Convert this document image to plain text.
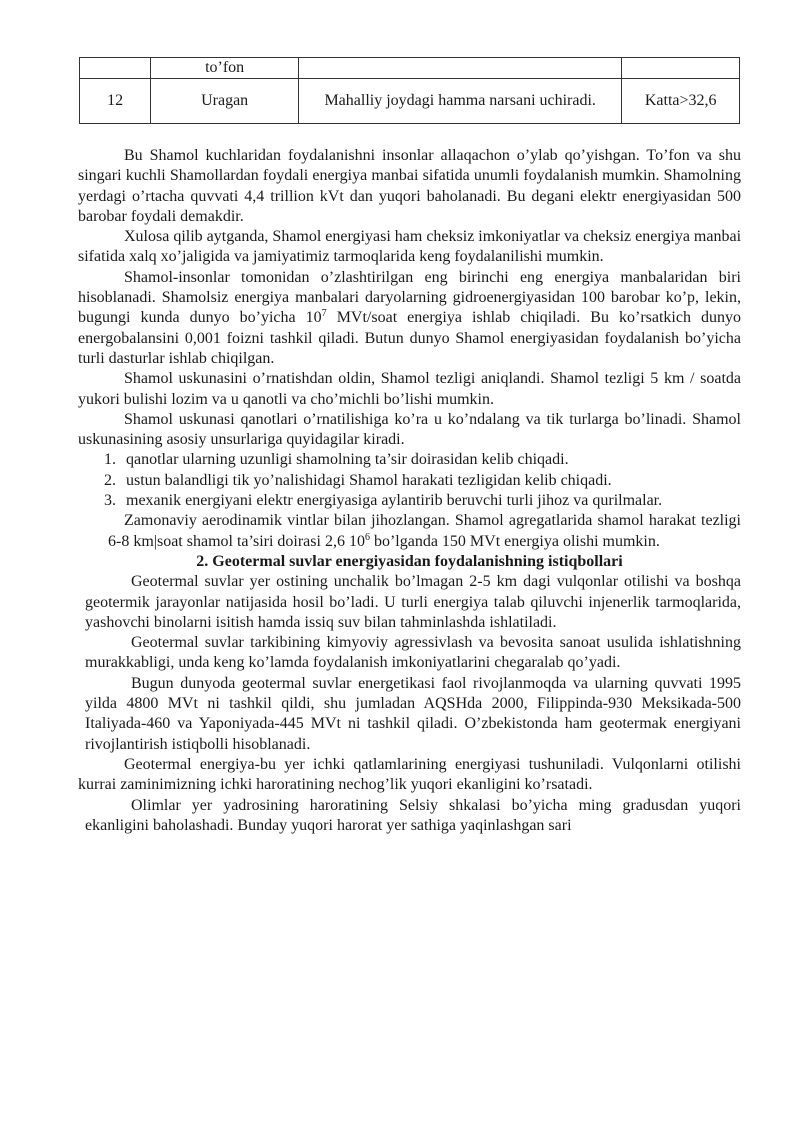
	to’fon		
12	Uragan	Mahalliy joydagi hamma narsani uchiradi.	Katta>32,6

Bu Shamol kuchlaridan foydalanishni insonlar allaqachon o’ylab qo’yishgan. To’fon va shu singari kuchli Shamollardan foydali energiya manbai sifatida unumli foydalanish mumkin. Shamolning yerdagi o’rtacha quvvati 4,4 trillion kVt dan yuqori baholanadi. Bu degani elektr energiyasidan 500 barobar foydali demakdir.

Xulosa qilib aytganda, Shamol energiyasi ham cheksiz imkoniyatlar va cheksiz energiya manbai sifatida xalq xo’jaligida va jamiyatimiz tarmoqlarida keng foydalanilishi mumkin.

Shamol-insonlar tomonidan o’zlashtirilgan eng birinchi eng energiya manbalaridan biri hisoblanadi. Shamolsiz energiya manbalari daryolarning gidroenergiyasidan 100 barobar ko’p, lekin, bugungi kunda dunyo bo’yicha $10^7$ MVt/soat energiya ishlab chiqiladi. Bu ko’rsatkich dunyo energobalansini 0,001 foizni tashkil qiladi. Butun dunyo Shamol energiyasidan foydalanish bo’yicha turli dasturlar ishlab chiqilgan.

Shamol uskunasini o’rnatishdan oldin, Shamol tezligi aniqlandi. Shamol tezligi 5 km / soatda yukori bulishi lozim va u qanotli va cho’michli bo’lishi mumkin.

Shamol uskunasi qanotlari o’rnatilishiga ko’ra u ko’ndalang va tik turlarga bo’linadi. Shamol uskunasining asosiy unsurlariga quyidagilar kiradi.

1. qanotlar ularning uzunligi shamolning ta’sir doirasidan kelib chiqadi.
2. ustun balandligi tik yo’nalishidagi Shamol harakati tezligidan kelib chiqadi.
3. mexanik energiyani elektr energiyasiga aylantirib beruvchi turli jihoz va qurilmalar.

Zamonaviy aerodinamik vintlar bilan jihozlangan. Shamol agregatlarida shamol harakat tezligi 6-8 km|soat shamol ta’siri doirasi 2,6 $10^6$ bo’lganda 150 MVt energiya olishi mumkin.

2. Geotermal suvlar energiyasidan foydalanishning istiqbollari

Geotermal suvlar yer ostining unchalik bo’lmagan 2-5 km dagi vulqonlar otilishi va boshqa geotermik jarayonlar natijasida hosil bo’ladi. U turli energiya talab qiluvchi injenerlik tarmoqlarida, yashovchi binolarni isitish hamda issiq suv bilan tahminlashda ishlatiladi.

Geotermal suvlar tarkibining kimyoviy agressivlash va bevosita sanoat usulida ishlatishning murakkabligi, unda keng ko’lamda foydalanish imkoniyatlarini chegaralab qo’yadi.

Bugun dunyoda geotermal suvlar energetikasi faol rivojlanmoqda va ularning quvvati 1995 yilda 4800 MVt ni tashkil qildi, shu jumladan AQSHda 2000, Filippinda-930 Meksikada-500 Italiyada-460 va Yaponiyada-445 MVt ni tashkil qiladi. O’zbekistonda ham geotermak energiyani rivojlantirish istiqbolli hisoblanadi.

Geotermal energiya-bu yer ichki qatlamlarining energiyasi tushuniladi. Vulqonlarni otilishi kurrai zaminimizning ichki haroratining nechog’lik yuqori ekanligini ko’rsatadi.

Olimlar yer yadrosining haroratining Selsiy shkalasi bo’yicha ming gradusdan yuqori ekanligini baholashadi. Bunday yuqori harorat yer sathiga yaqinlashgan sari
